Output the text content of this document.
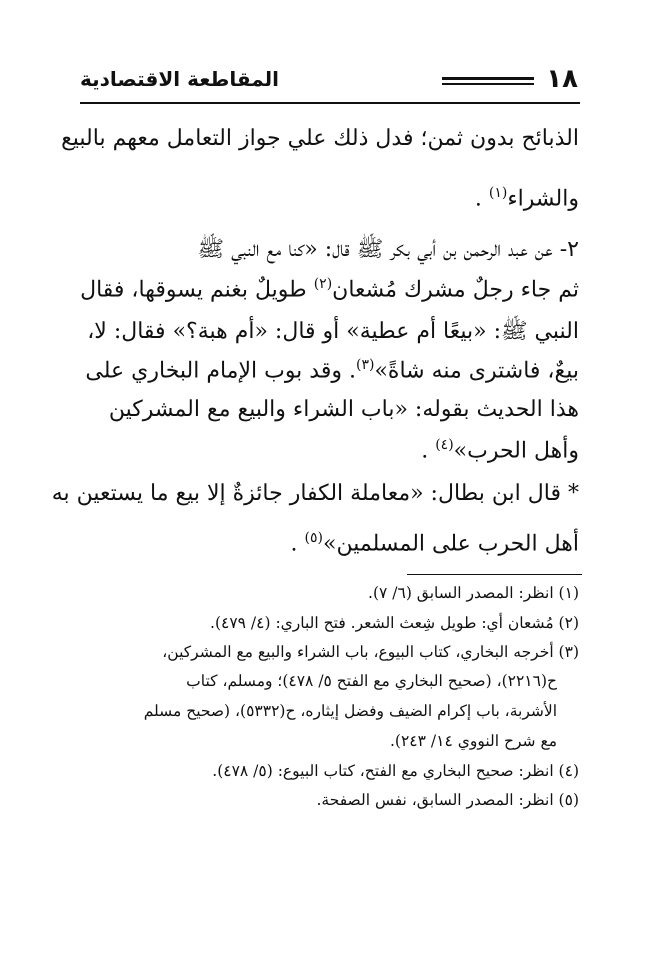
١٨
المقاطعة الاقتصادية
الذبائح بدون ثمن؛ فدل ذلك علي جواز التعامل معهم بالبيع
والشراء$^{(١)}$ .
٢- عن عبد الرحمن بن أبي بكر ﷺ قال: «كنا مع النبي ﷺ
ثم جاء رجلٌ مشرك مُشعان$^{(٢)}$ طويلٌ بغنم يسوقها، فقال
النبي ﷺ: «بيعًا أم عطية» أو قال: «أم هبة؟» فقال: لا،
بيعٌ، فاشترى منه شاةً»$^{(٣)}$. وقد بوب الإمام البخاري على
هذا الحديث بقوله: «باب الشراء والبيع مع المشركين
وأهل الحرب»$^{(٤)}$ .
* قال ابن بطال: «معاملة الكفار جائزةٌ إلا بيع ما يستعين به
أهل الحرب على المسلمين»$^{(٥)}$ .
(١) انظر: المصدر السابق (٦/ ٧).
(٢) مُشعان أي: طويل شِعث الشعر. فتح الباري: (٤/ ٤٧٩).
(٣) أخرجه البخاري، كتاب البيوع، باب الشراء والبيع مع المشركين،
ح(٢٢١٦)، (صحيح البخاري مع الفتح ٥/ ٤٧٨)؛ ومسلم، كتاب
الأشربة، باب إكرام الضيف وفضل إيثاره، ح(٥٣٣٢)، (صحيح مسلم
مع شرح النووي ١٤/ ٢٤٣).
(٤) انظر: صحيح البخاري مع الفتح، كتاب البيوع: (٥/ ٤٧٨).
(٥) انظر: المصدر السابق، نفس الصفحة.
